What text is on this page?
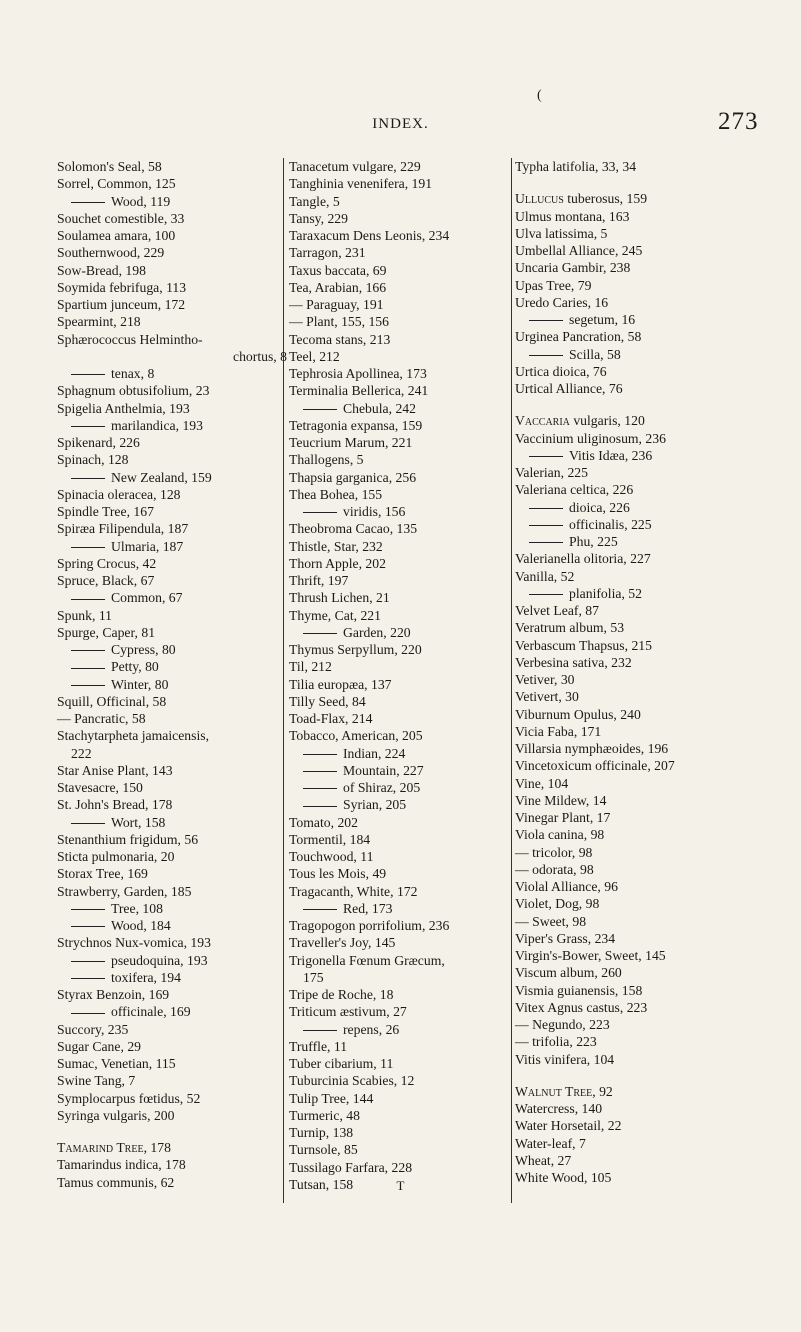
(
INDEX.	273
Solomon's Seal, 58
Sorrel, Common, 125
Wood, 119
Souchet comestible, 33
Soulamea amara, 100
Southernwood, 229
Sow-Bread, 198
Soymida febrifuga, 113
Spartium junceum, 172
Spearmint, 218
Sphærococcus Helmintho-
chortus, 8
tenax, 8
Sphagnum obtusifolium, 23
Spigelia Anthelmia, 193
marilandica, 193
Spikenard, 226
Spinach, 128
New Zealand, 159
Spinacia oleracea, 128
Spindle Tree, 167
Spiræa Filipendula, 187
Ulmaria, 187
Spring Crocus, 42
Spruce, Black, 67
Common, 67
Spunk, 11
Spurge, Caper, 81
Cypress, 80
Petty, 80
Winter, 80
Squill, Officinal, 58
— Pancratic, 58
Stachytarpheta jamaicensis,
222
Star Anise Plant, 143
Stavesacre, 150
St. John's Bread, 178
Wort, 158
Stenanthium frigidum, 56
Sticta pulmonaria, 20
Storax Tree, 169
Strawberry, Garden, 185
Tree, 108
Wood, 184
Strychnos Nux-vomica, 193
pseudoquina, 193
toxifera, 194
Styrax Benzoin, 169
officinale, 169
Succory, 235
Sugar Cane, 29
Sumac, Venetian, 115
Swine Tang, 7
Symplocarpus fœtidus, 52
Syringa vulgaris, 200
Tamarind Tree, 178
Tamarindus indica, 178
Tamus communis, 62
Tanacetum vulgare, 229
Tanghinia venenifera, 191
Tangle, 5
Tansy, 229
Taraxacum Dens Leonis, 234
Tarragon, 231
Taxus baccata, 69
Tea, Arabian, 166
— Paraguay, 191
— Plant, 155, 156
Tecoma stans, 213
Teel, 212
Tephrosia Apollinea, 173
Terminalia Bellerica, 241
Chebula, 242
Tetragonia expansa, 159
Teucrium Marum, 221
Thallogens, 5
Thapsia garganica, 256
Thea Bohea, 155
viridis, 156
Theobroma Cacao, 135
Thistle, Star, 232
Thorn Apple, 202
Thrift, 197
Thrush Lichen, 21
Thyme, Cat, 221
Garden, 220
Thymus Serpyllum, 220
Til, 212
Tilia europæa, 137
Tilly Seed, 84
Toad-Flax, 214
Tobacco, American, 205
Indian, 224
Mountain, 227
of Shiraz, 205
Syrian, 205
Tomato, 202
Tormentil, 184
Touchwood, 11
Tous les Mois, 49
Tragacanth, White, 172
Red, 173
Tragopogon porrifolium, 236
Traveller's Joy, 145
Trigonella Fœnum Græcum,
175
Tripe de Roche, 18
Triticum æstivum, 27
repens, 26
Truffle, 11
Tuber cibarium, 11
Tuburcinia Scabies, 12
Tulip Tree, 144
Turmeric, 48
Turnip, 138
Turnsole, 85
Tussilago Farfara, 228
Tutsan, 158
Typha latifolia, 33, 34
Ullucus tuberosus, 159
Ulmus montana, 163
Ulva latissima, 5
Umbellal Alliance, 245
Uncaria Gambir, 238
Upas Tree, 79
Uredo Caries, 16
segetum, 16
Urginea Pancration, 58
Scilla, 58
Urtica dioica, 76
Urtical Alliance, 76
Vaccaria vulgaris, 120
Vaccinium uliginosum, 236
Vitis Idæa, 236
Valerian, 225
Valeriana celtica, 226
dioica, 226
officinalis, 225
Phu, 225
Valerianella olitoria, 227
Vanilla, 52
planifolia, 52
Velvet Leaf, 87
Veratrum album, 53
Verbascum Thapsus, 215
Verbesina sativa, 232
Vetiver, 30
Vetivert, 30
Viburnum Opulus, 240
Vicia Faba, 171
Villarsia nymphæoides, 196
Vincetoxicum officinale, 207
Vine, 104
Vine Mildew, 14
Vinegar Plant, 17
Viola canina, 98
— tricolor, 98
— odorata, 98
Violal Alliance, 96
Violet, Dog, 98
— Sweet, 98
Viper's Grass, 234
Virgin's-Bower, Sweet, 145
Viscum album, 260
Vismia guianensis, 158
Vitex Agnus castus, 223
— Negundo, 223
— trifolia, 223
Vitis vinifera, 104
Walnut Tree, 92
Watercress, 140
Water Horsetail, 22
Water-leaf, 7
Wheat, 27
White Wood, 105
T
